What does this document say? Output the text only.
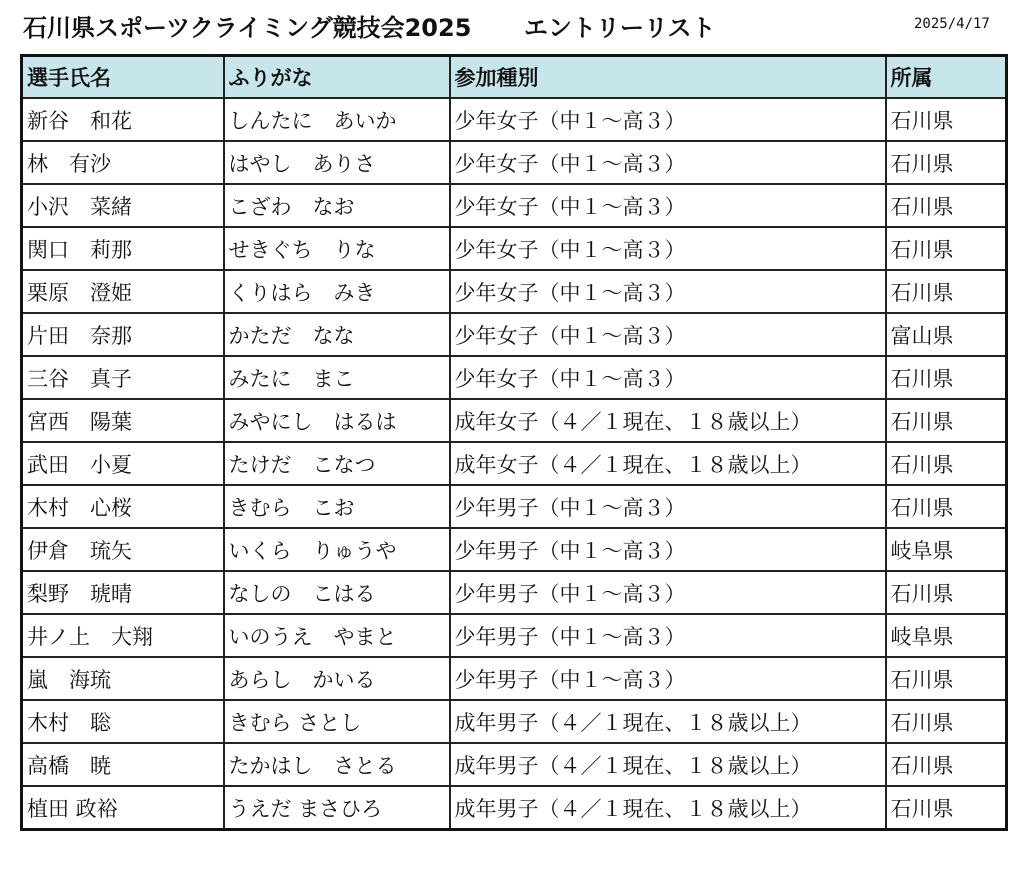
石川県スポーツクライミング競技会2025 エントリーリスト	2025/4/17
選手氏名	ふりがな	参加種別	所属
新谷　和花	しんたに　あいか	少年女子（中１～高３）	石川県
林　有沙	はやし　ありさ	少年女子（中１～高３）	石川県
小沢　菜緒	こざわ　なお	少年女子（中１～高３）	石川県
関口　莉那	せきぐち　りな	少年女子（中１～高３）	石川県
栗原　澄姫	くりはら　みき	少年女子（中１～高３）	石川県
片田　奈那	かただ　なな	少年女子（中１～高３）	富山県
三谷　真子	みたに　まこ	少年女子（中１～高３）	石川県
宮西　陽葉	みやにし　はるは	成年女子（４／１現在、１８歳以上）	石川県
武田　小夏	たけだ　こなつ	成年女子（４／１現在、１８歳以上）	石川県
木村　心桜	きむら　こお	少年男子（中１～高３）	石川県
伊倉　琉矢	いくら　りゅうや	少年男子（中１～高３）	岐阜県
梨野　琥晴	なしの　こはる	少年男子（中１～高３）	石川県
井ノ上　大翔	いのうえ　やまと	少年男子（中１～高３）	岐阜県
嵐　海琉	あらし　かいる	少年男子（中１～高３）	石川県
木村　聡	きむら さとし	成年男子（４／１現在、１８歳以上）	石川県
高橋　暁	たかはし　さとる	成年男子（４／１現在、１８歳以上）	石川県
植田 政裕	うえだ まさひろ	成年男子（４／１現在、１８歳以上）	石川県
